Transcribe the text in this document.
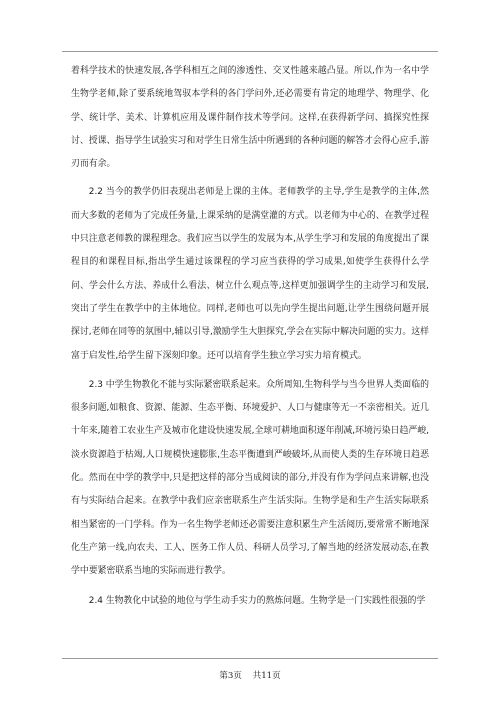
着科学技术的快速发展,各学科相互之间的渗透性、交叉性越来越凸显。所以,作为一名中学生物学老师,除了要系统地驾驭本学科的各门学问外,还必需要有肯定的地理学、物理学、化学、统计学、美术、计算机应用及课件制作技术等学问。这样,在获得新学问、搞探究性探讨、授课、指导学生试验实习和对学生日常生活中所遇到的各种问题的解答才会得心应手,游刃而有余。

2.2 当今的教学仍旧表现出老师是上课的主体。老师教学的主导,学生是教学的主体,然而大多数的老师为了完成任务量,上课采纳的是满堂灌的方式。以老师为中心的、在教学过程中只注意老师教的课程理念。我们应当以学生的发展为本,从学生学习和发展的角度提出了课程目的和课程目标,指出学生通过该课程的学习应当获得的学习成果,如使学生获得什么学问、学会什么方法、养成什么看法、树立什么观点等,这样更加强调学生的主动学习和发展,突出了学生在教学中的主体地位。同样,老师也可以先向学生提出问题,让学生围绕问题开展探讨,老师在同等的氛围中,辅以引导,激励学生大胆探究,学会在实际中解决问题的实力。这样富于启发性,给学生留下深刻印象。还可以培育学生独立学习实力培育模式。

2.3 中学生物教化不能与实际紧密联系起来。众所周知,生物科学与当今世界人类面临的很多问题,如粮食、资源、能源、生态平衡、环境爱护、人口与健康等无一不亲密相关。近几十年来,随着工农业生产及城市化建设快速发展,全球可耕地面积逐年削减,环境污染日趋严峻,淡水资源趋于枯竭,人口规模快速膨胀,生态平衡遭到严峻破坏,从而使人类的生存环境日趋恶化。然而在中学的教学中,只是把这样的部分当成阅读的部分,并没有作为学问点来讲解,也没有与实际结合起来。在教学中我们应亲密联系生产生活实际。生物学是和生产生活实际联系相当紧密的一门学科。作为一名生物学老师还必需要注意积累生产生活阅历,要常常不断地深化生产第一线,向农夫、工人、医务工作人员、科研人员学习,了解当地的经济发展动态,在教学中要紧密联系当地的实际而进行教学。

2.4 生物教化中试验的地位与学生动手实力的熬炼问题。生物学是一门实践性很强的学

第3页 共11页
